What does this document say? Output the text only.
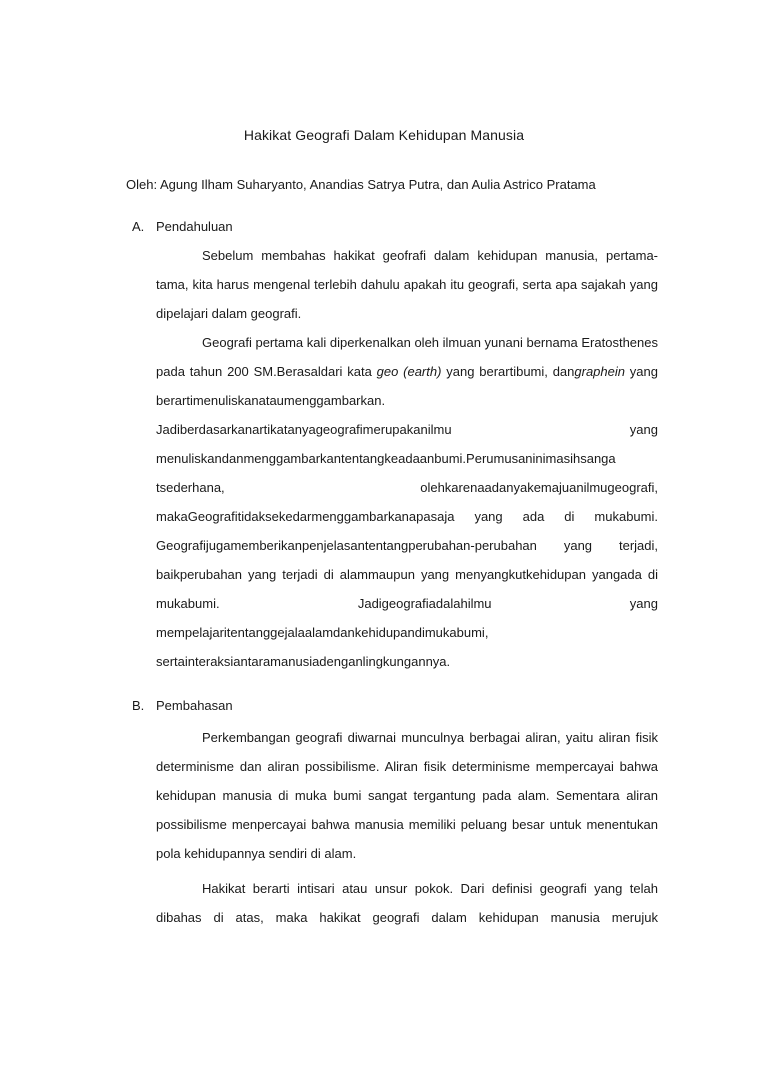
Hakikat Geografi Dalam Kehidupan Manusia
Oleh: Agung Ilham Suharyanto, Anandias Satrya Putra, dan Aulia Astrico Pratama
A. Pendahuluan

Sebelum membahas hakikat geofrafi dalam kehidupan manusia, pertama-tama, kita harus mengenal terlebih dahulu apakah itu geografi, serta apa sajakah yang dipelajari dalam geografi.

Geografi pertama kali diperkenalkan oleh ilmuan yunani bernama Eratosthenes pada tahun 200 SM.Berasaldari kata geo (earth) yang berartibumi, dangraphein yang berartimenuliskanataumenggambarkan. Jadiberdasarkanartikatanyageografimerupakanilmu yang menuliskandanmenggambarkantentangkeadaanbumi.Perumusaninimasihsanga tsederhana, olehkarenaadanyakemajuanilmugeografi, makaGeografitidaksekedarmenggambarkanapasaja yang ada di mukabumi. Geografijugamemberikanpenjelasantentangperubahan-perubahan yang terjadi, baikperubahan yang terjadi di alammaupun yang menyangkutkehidupan yangada di mukabumi. Jadigeografiadalahilmu yang mempelajaritentanggejalaalamdankehidupandimukabumi, sertainteraksiantaramanusiadenganlingkungannya.

B. Pembahasan

Perkembangan geografi diwarnai munculnya berbagai aliran, yaitu aliran fisik determinisme dan aliran possibilisme. Aliran fisik determinisme mempercayai bahwa kehidupan manusia di muka bumi sangat tergantung pada alam. Sementara aliran possibilisme menpercayai bahwa manusia memiliki peluang besar untuk menentukan pola kehidupannya sendiri di alam.

Hakikat berarti intisari atau unsur pokok. Dari definisi geografi yang telah dibahas di atas, maka hakikat geografi dalam kehidupan manusia merujuk
